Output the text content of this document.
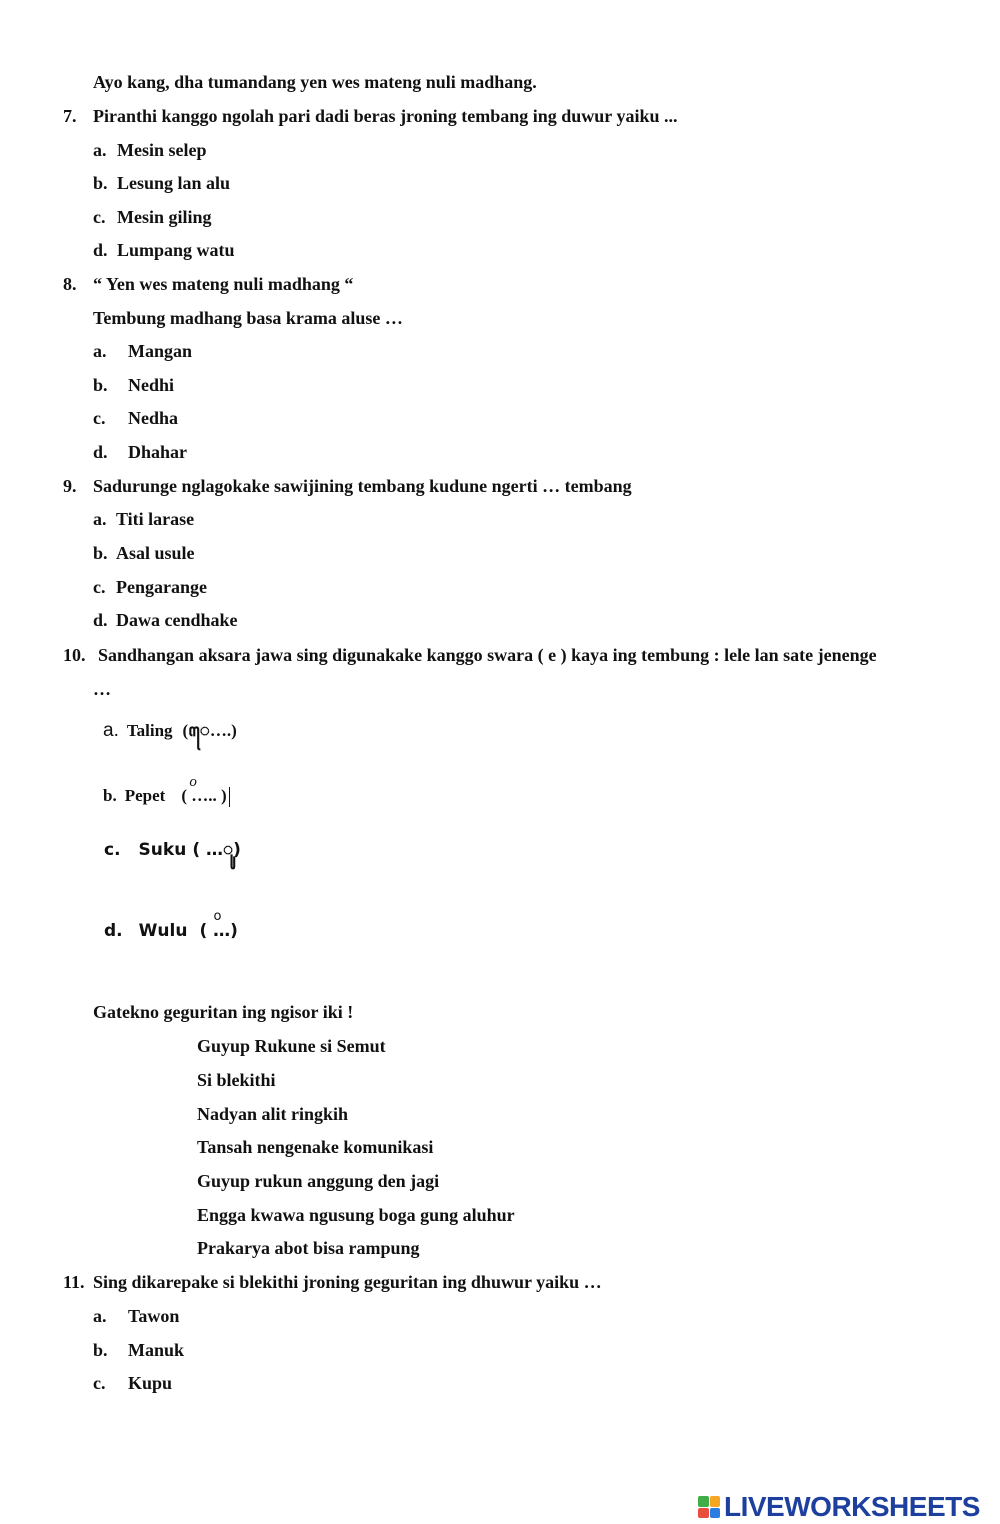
Ayo kang, dha tumandang yen wes mateng nuli madhang.
7. Piranthi kanggo ngolah pari dadi beras jroning tembang ing duwur yaiku ...
a. Mesin selep
b. Lesung lan alu
c. Mesin giling
d. Lumpang watu
8. “ Yen wes mateng nuli madhang “
Tembung madhang basa krama aluse …
a. Mangan
b. Nedhi
c. Nedha
d. Dhahar
9. Sadurunge nglagokake sawijining tembang kudune ngerti … tembang
a. Titi larase
b. Asal usule
c. Pengarange
d. Dawa cendhake
10. Sandhangan aksara jawa sing digunakake kanggo swara ( e ) kaya ing tembung : lele lan sate jenenge
…
a. Taling (ꦺ….)
b. Pepet
o
( ….. )
c. Suku ( …ꦸ)
d. Wulu
o
( …)
Gatekno geguritan ing ngisor iki !
Guyup Rukune si Semut
Si blekithi
Nadyan alit ringkih
Tansah nengenake komunikasi
Guyup rukun anggung den jagi
Engga kwawa ngusung boga gung aluhur
Prakarya abot bisa rampung
11. Sing dikarepake si blekithi jroning geguritan ing dhuwur yaiku …
a. Tawon
b. Manuk
c. Kupu
LIVEWORKSHEETS
